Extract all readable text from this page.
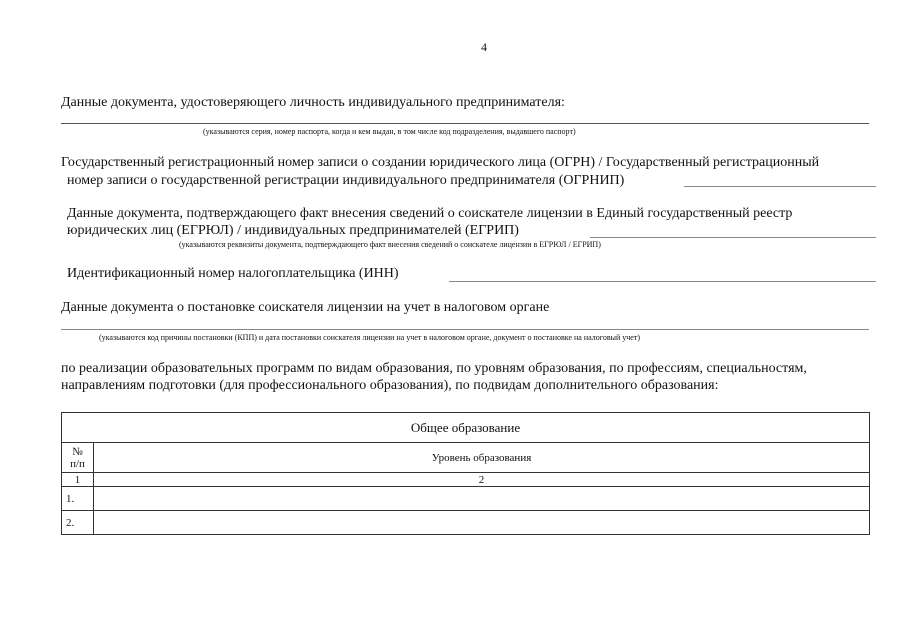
4
Данные документа, удостоверяющего личность индивидуального предпринимателя:
(указываются серия, номер паспорта, когда и кем выдан, в том числе код подразделения, выдавшего паспорт)
Государственный регистрационный номер записи о создании юридического лица (ОГРН) / Государственный регистрационный
номер записи о государственной регистрации индивидуального предпринимателя (ОГРНИП)
Данные документа, подтверждающего факт внесения сведений о соискателе лицензии в Единый государственный реестр
юридических лиц (ЕГРЮЛ) / индивидуальных предпринимателей (ЕГРИП)
(указываются реквизиты документа, подтверждающего факт внесения сведений о соискателе лицензии в ЕГРЮЛ / ЕГРИП)
Идентификационный номер налогоплательщика (ИНН)
Данные документа о постановке соискателя лицензии на учет в налоговом органе
(указываются код причины постановки (КПП) и дата постановки соискателя лицензии на учет в налоговом органе, документ о постановке на налоговый учет)
по реализации образовательных программ по видам образования, по уровням образования, по профессиям, специальностям,
направлениям подготовки (для профессионального образования), по подвидам дополнительного образования:
Общее образование	

№
п/п	Уровень образования
1	2
1.	
2.	
